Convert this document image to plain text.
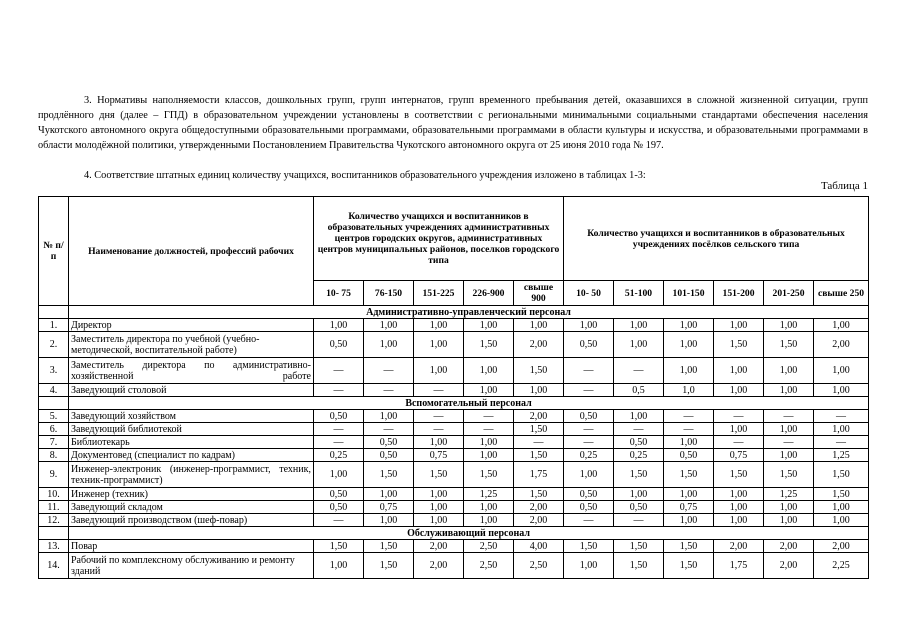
3. Нормативы наполняемости классов, дошкольных групп, групп интернатов, групп временного пребывания детей, оказавшихся в сложной жизненной ситуации, групп продлённого дня (далее – ГПД) в образовательном учреждении установлены в соответствии с региональными минимальными социальными стандартами обеспечения населения Чукотского автономного округа общедоступными образовательными программами, образовательными программами в области культуры и искусства, и образовательными программами в области молодёжной политики, утвержденными Постановлением Правительства Чукотского автономного округа от 25 июня 2010 года № 197.

4. Соответствие штатных единиц количеству учащихся, воспитанников образовательного учреждения изложено в таблицах 1-3:

Таблица 1
№ п/п	Наименование должностей, профессий рабочих	Количество учащихся и воспитанников в образовательных учреждениях административных центров городских округов, административных центров муниципальных районов, поселков городского типа					Количество учащихся и воспитанников в образовательных учреждениях посёлков сельского типа					
		10- 75	76-150	151-225	226-900	свыше 900	10- 50	51-100	101-150	151-200	201-250	свыше 250
	Административно-управленческий персонал											
1.	Директор	1,00	1,00	1,00	1,00	1,00	1,00	1,00	1,00	1,00	1,00	1,00
2.	Заместитель директора по учебной (учебно-методической, воспитательной работе)	0,50	1,00	1,00	1,50	2,00	0,50	1,00	1,00	1,50	1,50	2,00
3.	Заместитель директора по административно-хозяйственной работе	—	—	1,00	1,00	1,50	—	—	1,00	1,00	1,00	1,00
4.	Заведующий столовой	—	—	—	1,00	1,00	—	0,5	1,0	1,00	1,00	1,00
	Вспомогательный персонал											
5.	Заведующий хозяйством	0,50	1,00	—	—	2,00	0,50	1,00	—	—	—	—
6.	Заведующий библиотекой	—	—	—	—	1,50	—	—	—	1,00	1,00	1,00
7.	Библиотекарь	—	0,50	1,00	1,00	—	—	0,50	1,00	—	—	—
8.	Документовед (специалист по кадрам)	0,25	0,50	0,75	1,00	1,50	0,25	0,25	0,50	0,75	1,00	1,25
9.	Инженер-электроник (инженер-программист, техник, техник-программист)	1,00	1,50	1,50	1,50	1,75	1,00	1,50	1,50	1,50	1,50	1,50
10.	Инженер (техник)	0,50	1,00	1,00	1,25	1,50	0,50	1,00	1,00	1,00	1,25	1,50
11.	Заведующий складом	0,50	0,75	1,00	1,00	2,00	0,50	0,50	0,75	1,00	1,00	1,00
12.	Заведующий производством (шеф-повар)	—	1,00	1,00	1,00	2,00	—	—	1,00	1,00	1,00	1,00
	Обслуживающий персонал											
13.	Повар	1,50	1,50	2,00	2,50	4,00	1,50	1,50	1,50	2,00	2,00	2,00
14.	Рабочий по комплексному обслуживанию и ремонту зданий	1,00	1,50	2,00	2,50	2,50	1,00	1,50	1,50	1,75	2,00	2,25
